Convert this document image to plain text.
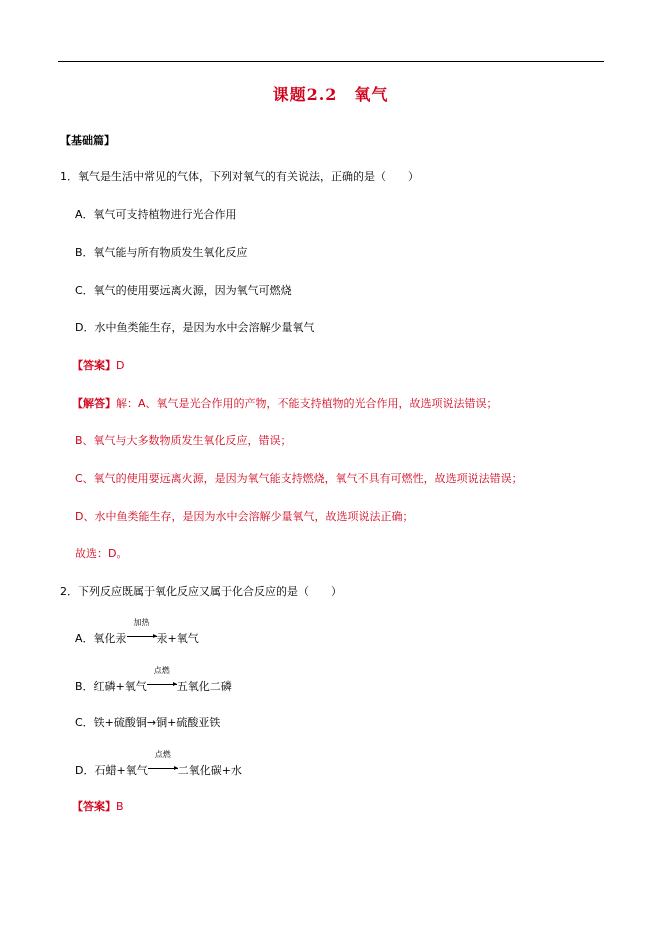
课题2.2　氧气
【基础篇】
1．氧气是生活中常见的气体，下列对氧气的有关说法，正确的是（　　）
A．氧气可支持植物进行光合作用
B．氧气能与所有物质发生氧化反应
C．氧气的使用要远离火源，因为氧气可燃烧
D．水中鱼类能生存，是因为水中会溶解少量氧气
【答案】D
【解答】解：A、氧气是光合作用的产物，不能支持植物的光合作用，故选项说法错误；
B、氧气与大多数物质发生氧化反应，错误；
C、氧气的使用要远离火源，是因为氧气能支持燃烧，氧气不具有可燃性，故选项说法错误；
D、水中鱼类能生存，是因为水中会溶解少量氧气，故选项说法正确；
故选：D。
2．下列反应既属于氧化反应又属于化合反应的是（　　）
A．氧化汞
加热
汞+氧气
B．红磷+氧气
点燃
五氧化二磷
C．铁+硫酸铜→铜+硫酸亚铁
D．石蜡+氧气
点燃
二氧化碳+水
【答案】B
